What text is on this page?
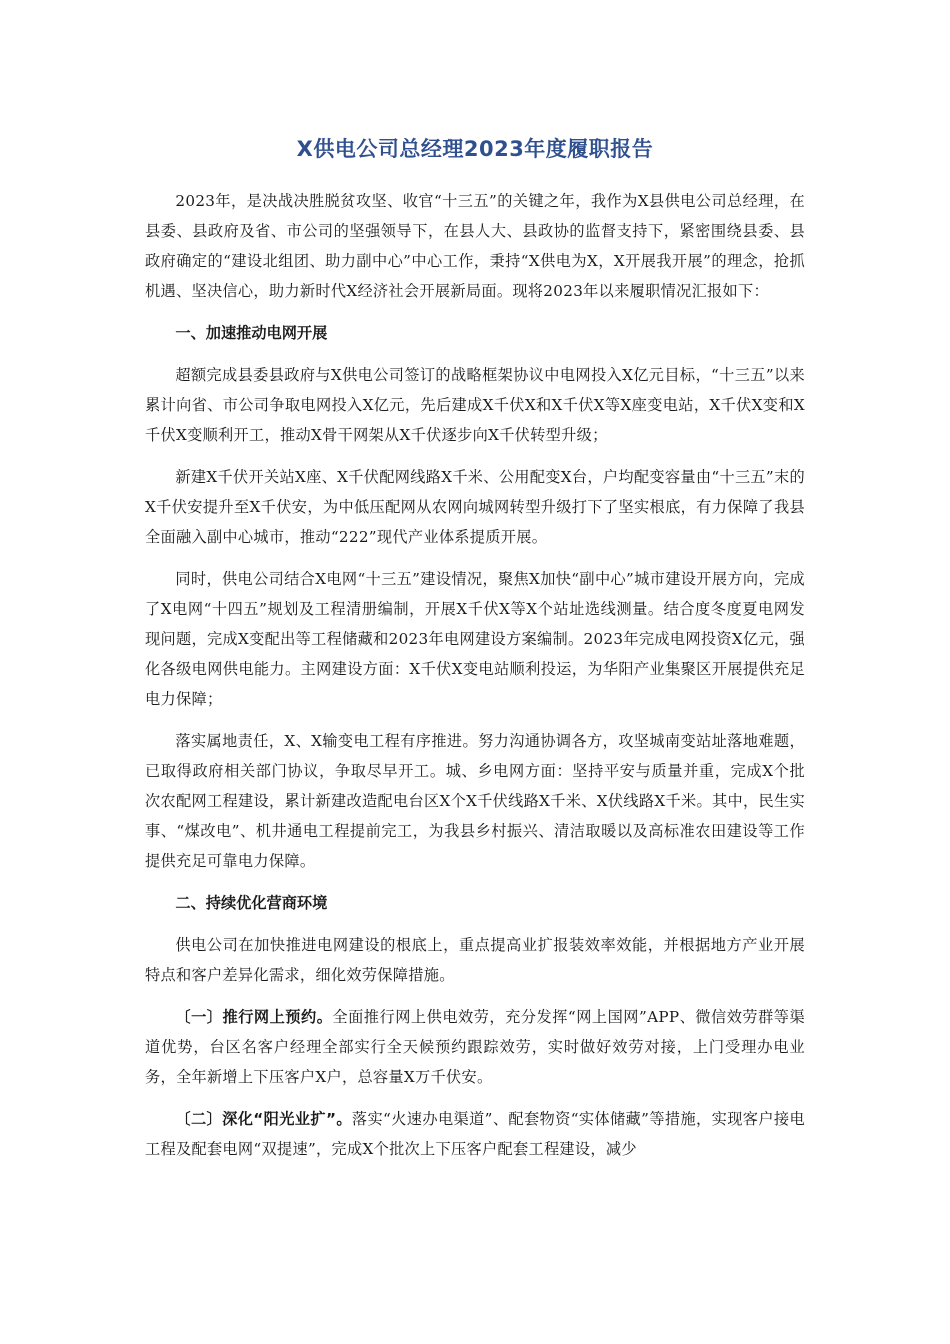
X供电公司总经理2023年度履职报告

2023年，是决战决胜脱贫攻坚、收官“十三五”的关键之年，我作为X县供电公司总经理，在县委、县政府及省、市公司的坚强领导下，在县人大、县政协的监督支持下，紧密围绕县委、县政府确定的“建设北组团、助力副中心”中心工作，秉持“X供电为X，X开展我开展”的理念，抢抓机遇、坚决信心，助力新时代X经济社会开展新局面。现将2023年以来履职情况汇报如下：

一、加速推动电网开展

超额完成县委县政府与X供电公司签订的战略框架协议中电网投入X亿元目标，“十三五”以来累计向省、市公司争取电网投入X亿元，先后建成X千伏X和X千伏X等X座变电站，X千伏X变和X千伏X变顺利开工，推动X骨干网架从X千伏逐步向X千伏转型升级；

新建X千伏开关站X座、X千伏配网线路X千米、公用配变X台，户均配变容量由“十三五”末的X千伏安提升至X千伏安，为中低压配网从农网向城网转型升级打下了坚实根底，有力保障了我县全面融入副中心城市，推动“222”现代产业体系提质开展。

同时，供电公司结合X电网“十三五”建设情况，聚焦X加快“副中心”城市建设开展方向，完成了X电网“十四五”规划及工程清册编制，开展X千伏X等X个站址选线测量。结合度冬度夏电网发现问题，完成X变配出等工程储藏和2023年电网建设方案编制。2023年完成电网投资X亿元，强化各级电网供电能力。主网建设方面：X千伏X变电站顺利投运，为华阳产业集聚区开展提供充足电力保障；

落实属地责任，X、X输变电工程有序推进。努力沟通协调各方，攻坚城南变站址落地难题，已取得政府相关部门协议，争取尽早开工。城、乡电网方面：坚持平安与质量并重，完成X个批次农配网工程建设，累计新建改造配电台区X个X千伏线路X千米、X伏线路X千米。其中，民生实事、“煤改电”、机井通电工程提前完工，为我县乡村振兴、清洁取暖以及高标准农田建设等工作提供充足可靠电力保障。

二、持续优化营商环境

供电公司在加快推进电网建设的根底上，重点提高业扩报装效率效能，并根据地方产业开展特点和客户差异化需求，细化效劳保障措施。

〔一〕推行网上预约。全面推行网上供电效劳，充分发挥“网上国网”APP、微信效劳群等渠道优势，台区名客户经理全部实行全天候预约跟踪效劳，实时做好效劳对接，上门受理办电业务，全年新增上下压客户X户，总容量X万千伏安。

〔二〕深化“阳光业扩”。落实“火速办电渠道”、配套物资“实体储藏”等措施，实现客户接电工程及配套电网“双提速”，完成X个批次上下压客户配套工程建设，减少
